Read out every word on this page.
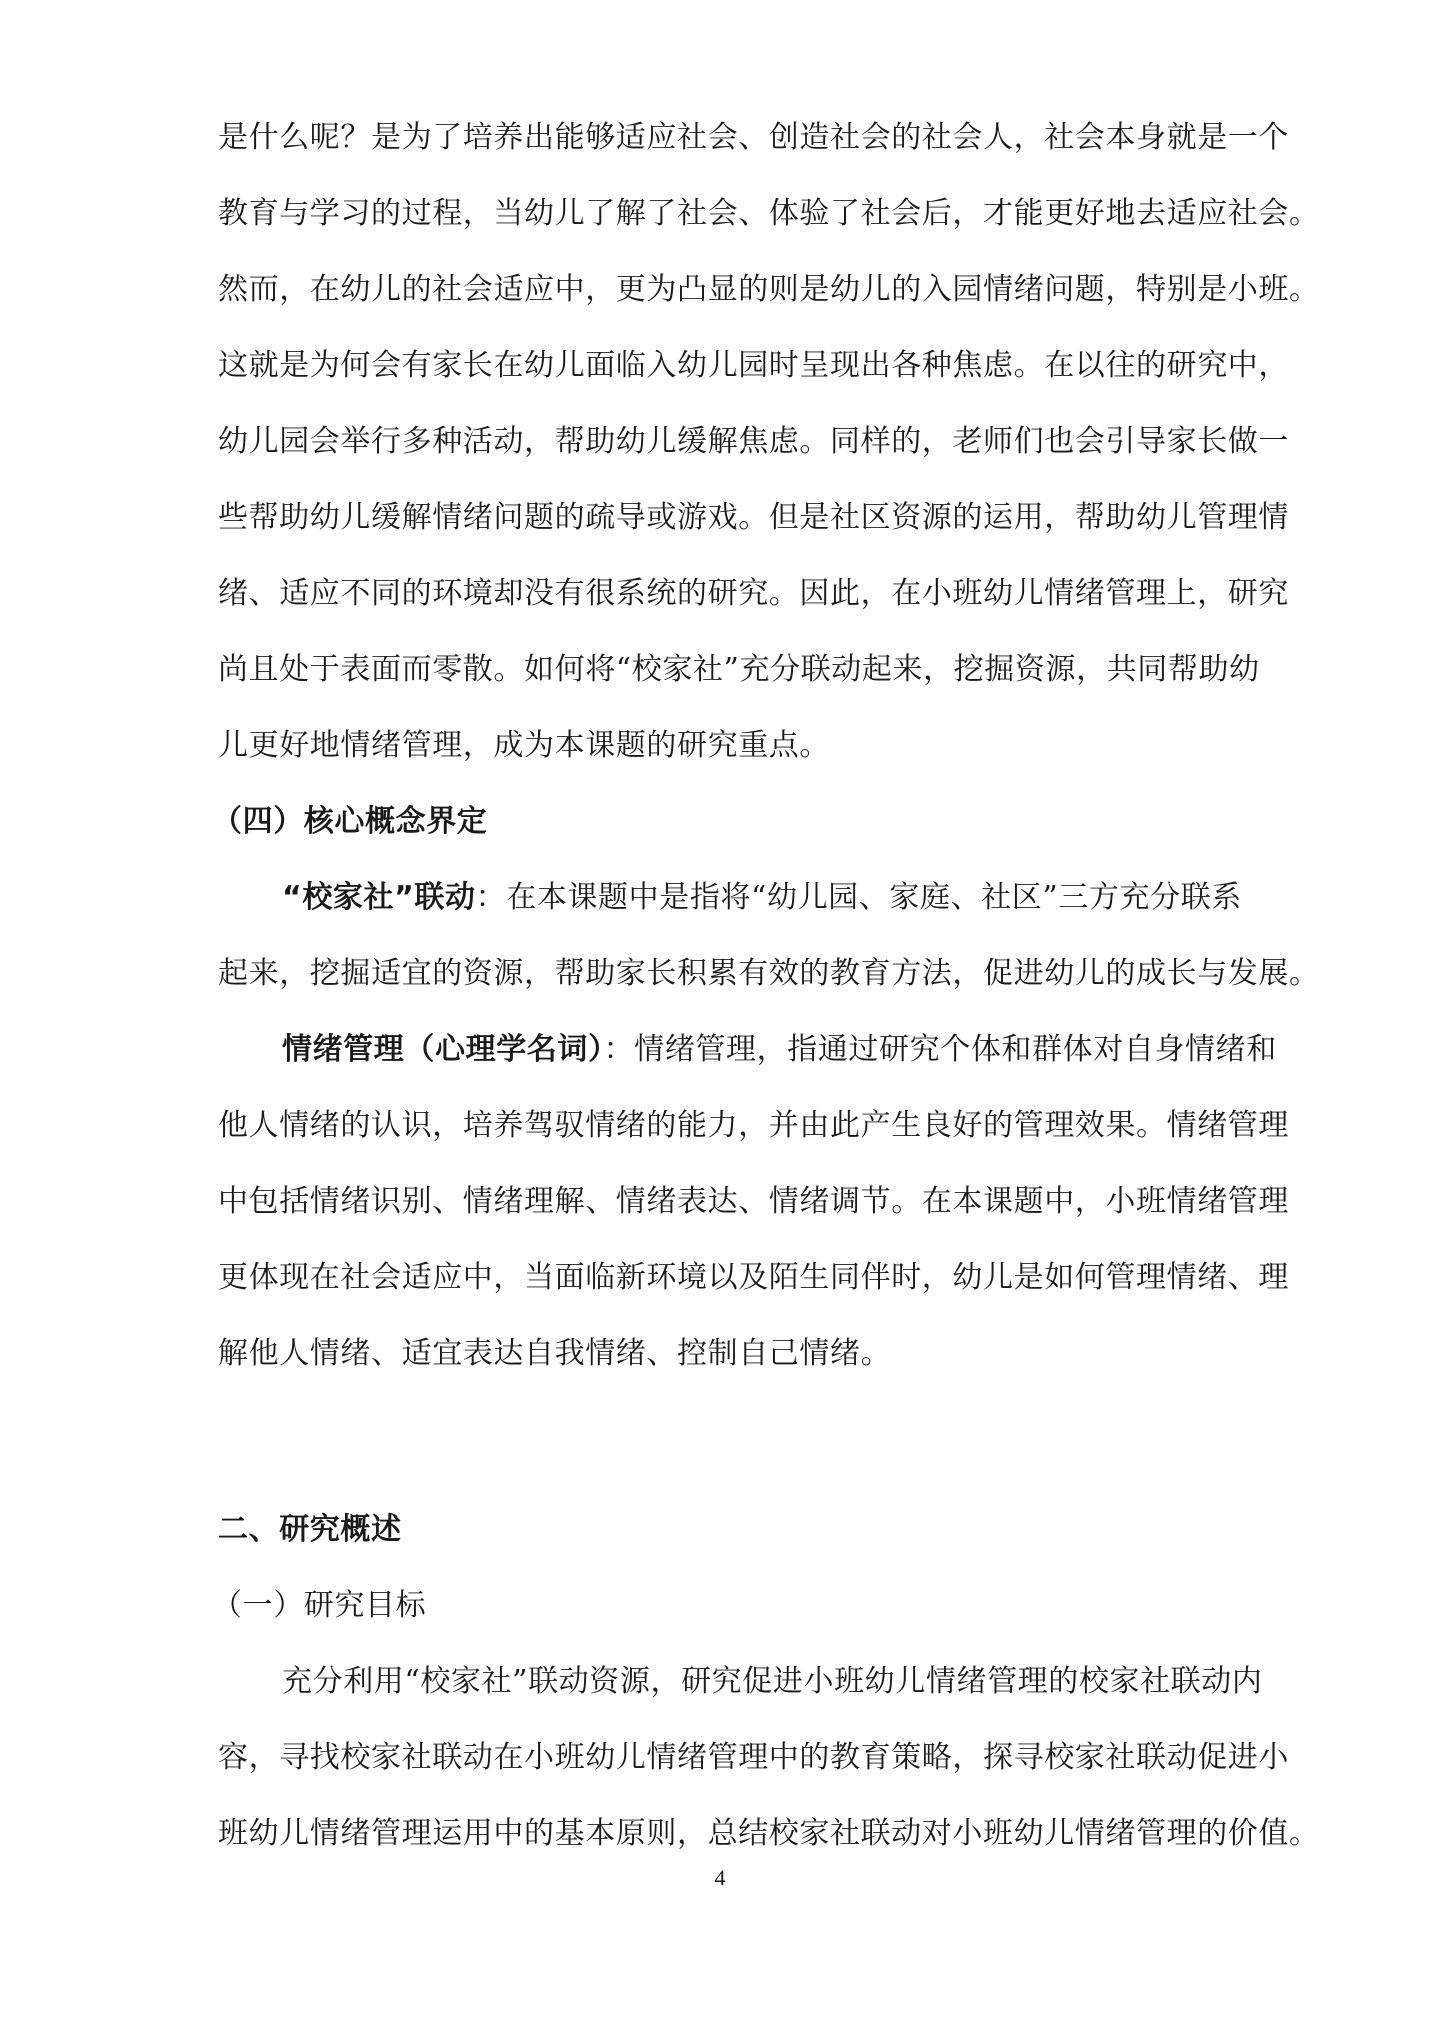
是什么呢？是为了培养出能够适应社会、创造社会的社会人，社会本身就是一个
教育与学习的过程，当幼儿了解了社会、体验了社会后，才能更好地去适应社会。
然而，在幼儿的社会适应中，更为凸显的则是幼儿的入园情绪问题，特别是小班。
这就是为何会有家长在幼儿面临入幼儿园时呈现出各种焦虑。在以往的研究中，
幼儿园会举行多种活动，帮助幼儿缓解焦虑。同样的，老师们也会引导家长做一
些帮助幼儿缓解情绪问题的疏导或游戏。但是社区资源的运用，帮助幼儿管理情
绪、适应不同的环境却没有很系统的研究。因此，在小班幼儿情绪管理上，研究
尚且处于表面而零散。如何将“校家社”充分联动起来，挖掘资源，共同帮助幼
儿更好地情绪管理，成为本课题的研究重点。
（四）核心概念界定
“校家社”联动：在本课题中是指将“幼儿园、家庭、社区”三方充分联系
起来，挖掘适宜的资源，帮助家长积累有效的教育方法，促进幼儿的成长与发展。
情绪管理（心理学名词）：情绪管理，指通过研究个体和群体对自身情绪和
他人情绪的认识，培养驾驭情绪的能力，并由此产生良好的管理效果。情绪管理
中包括情绪识别、情绪理解、情绪表达、情绪调节。在本课题中，小班情绪管理
更体现在社会适应中，当面临新环境以及陌生同伴时，幼儿是如何管理情绪、理
解他人情绪、适宜表达自我情绪、控制自己情绪。
二、研究概述
（一）研究目标
充分利用“校家社”联动资源，研究促进小班幼儿情绪管理的校家社联动内
容，寻找校家社联动在小班幼儿情绪管理中的教育策略，探寻校家社联动促进小
班幼儿情绪管理运用中的基本原则，总结校家社联动对小班幼儿情绪管理的价值。
4
